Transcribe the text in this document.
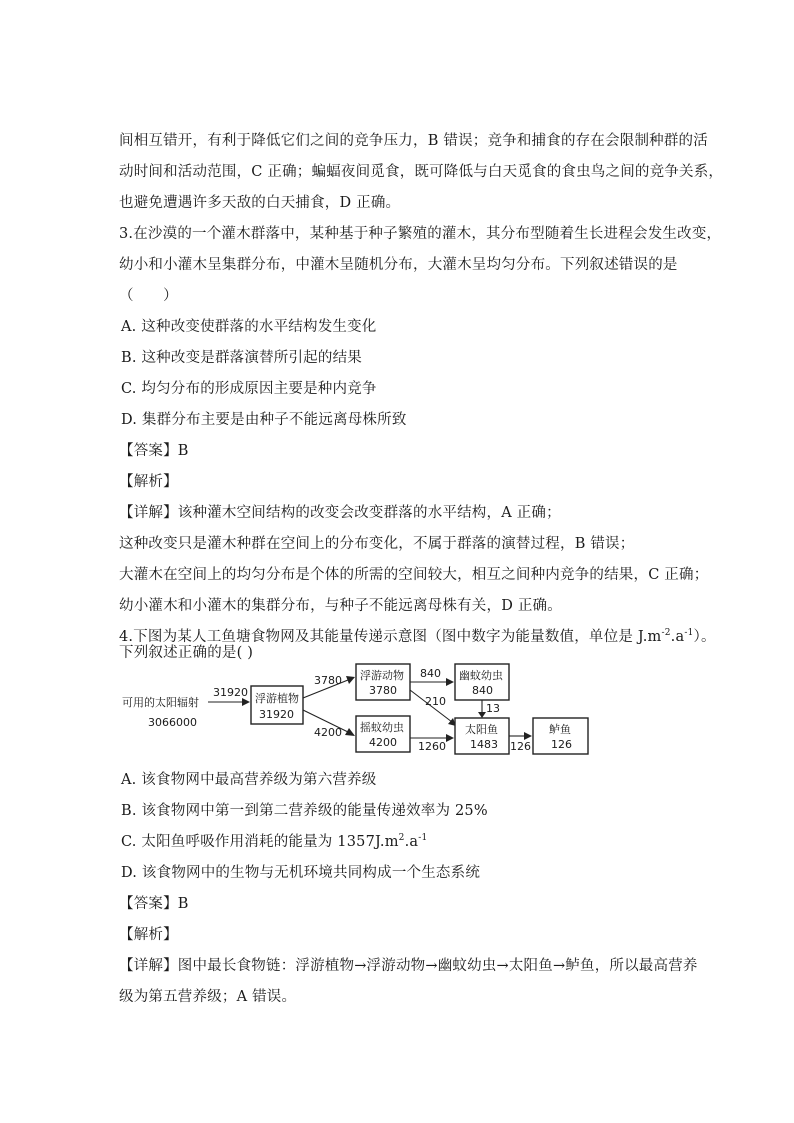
间相互错开，有利于降低它们之间的竞争压力，B 错误；竞争和捕食的存在会限制种群的活
动时间和活动范围，C 正确；蝙蝠夜间觅食，既可降低与白天觅食的食虫鸟之间的竞争关系，
也避免遭遇许多天敌的白天捕食，D 正确。
3.在沙漠的一个灌木群落中，某种基于种子繁殖的灌木，其分布型随着生长进程会发生改变，
幼小和小灌木呈集群分布，中灌木呈随机分布，大灌木呈均匀分布。下列叙述错误的是
（　　）
A. 这种改变使群落的水平结构发生变化
B. 这种改变是群落演替所引起的结果
C. 均匀分布的形成原因主要是种内竞争
D. 集群分布主要是由种子不能远离母株所致
【答案】B
【解析】
【详解】该种灌木空间结构的改变会改变群落的水平结构，A 正确；
这种改变只是灌木种群在空间上的分布变化，不属于群落的演替过程，B 错误；
大灌木在空间上的均匀分布是个体的所需的空间较大，相互之间种内竞争的结果，C 正确；
幼小灌木和小灌木的集群分布，与种子不能远离母株有关，D 正确。
4.下图为某人工鱼塘食物网及其能量传递示意图（图中数字为能量数值，单位是 $J.m^{-2}.a^{-1}$）。
可用的太阳辐射
3066000
31920 浮游植物
31920
3780
4200
浮游动物
3780
摇蚊幼虫
4200
840
210
1260
幽蚊幼虫
840
13
太阳鱼
1483 126
鲈鱼
126
下列叙述正确的是( )
A. 该食物网中最高营养级为第六营养级
B. 该食物网中第一到第二营养级的能量传递效率为 25%
C. 太阳鱼呼吸作用消耗的能量为 $1357J.m^2.a^{-1}$
D. 该食物网中的生物与无机环境共同构成一个生态系统
【答案】B
【解析】
【详解】图中最长食物链：浮游植物→浮游动物→幽蚊幼虫→太阳鱼→鲈鱼，所以最高营养
级为第五营养级；A 错误。
